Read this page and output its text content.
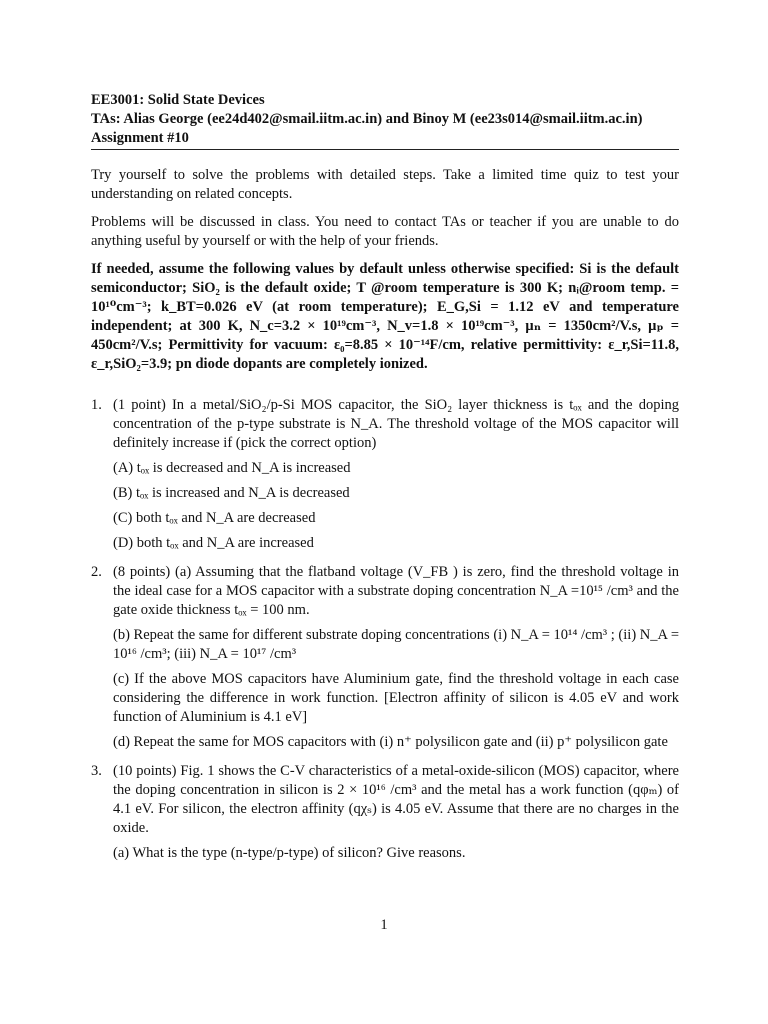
EE3001: Solid State Devices
TAs: Alias George (ee24d402@smail.iitm.ac.in) and Binoy M (ee23s014@smail.iitm.ac.in)
Assignment #10

Try yourself to solve the problems with detailed steps. Take a limited time quiz to test your understanding on related concepts.

Problems will be discussed in class. You need to contact TAs or teacher if you are unable to do anything useful by yourself or with the help of your friends.

If needed, assume the following values by default unless otherwise specified: Si is the default semiconductor; SiO₂ is the default oxide; T @room temperature is 300 K; nᵢ@room temp. = 10¹⁰cm⁻³; k_BT=0.026 eV (at room temperature); E_G,Si = 1.12 eV and temperature independent; at 300 K, N_c=3.2 × 10¹⁹cm⁻³, N_v=1.8 × 10¹⁹cm⁻³, μₙ = 1350cm²/V.s, μₚ = 450cm²/V.s; Permittivity for vacuum: ε₀=8.85 × 10⁻¹⁴F/cm, relative permittivity: ε_r,Si=11.8, ε_r,SiO₂=3.9; pn diode dopants are completely ionized.

1. (1 point) In a metal/SiO₂/p-Si MOS capacitor, the SiO₂ layer thickness is tₒₓ and the doping concentration of the p-type substrate is N_A. The threshold voltage of the MOS capacitor will definitely increase if (pick the correct option)

(A) tₒₓ is decreased and N_A is increased

(B) tₒₓ is increased and N_A is decreased

(C) both tₒₓ and N_A are decreased

(D) both tₒₓ and N_A are increased

2. (8 points) (a) Assuming that the flatband voltage (V_FB ) is zero, find the threshold voltage in the ideal case for a MOS capacitor with a substrate doping concentration N_A =10¹⁵ /cm³ and the gate oxide thickness tₒₓ = 100 nm.

(b) Repeat the same for different substrate doping concentrations (i) N_A = 10¹⁴ /cm³ ; (ii) N_A = 10¹⁶ /cm³; (iii) N_A = 10¹⁷ /cm³

(c) If the above MOS capacitors have Aluminium gate, find the threshold voltage in each case considering the difference in work function. [Electron affinity of silicon is 4.05 eV and work function of Aluminium is 4.1 eV]

(d) Repeat the same for MOS capacitors with (i) n⁺ polysilicon gate and (ii) p⁺ polysilicon gate

3. (10 points) Fig. 1 shows the C-V characteristics of a metal-oxide-silicon (MOS) capacitor, where the doping concentration in silicon is 2 × 10¹⁶ /cm³ and the metal has a work function (qφₘ) of 4.1 eV. For silicon, the electron affinity (qχₛ) is 4.05 eV. Assume that there are no charges in the oxide.

(a) What is the type (n-type/p-type) of silicon? Give reasons.

1
